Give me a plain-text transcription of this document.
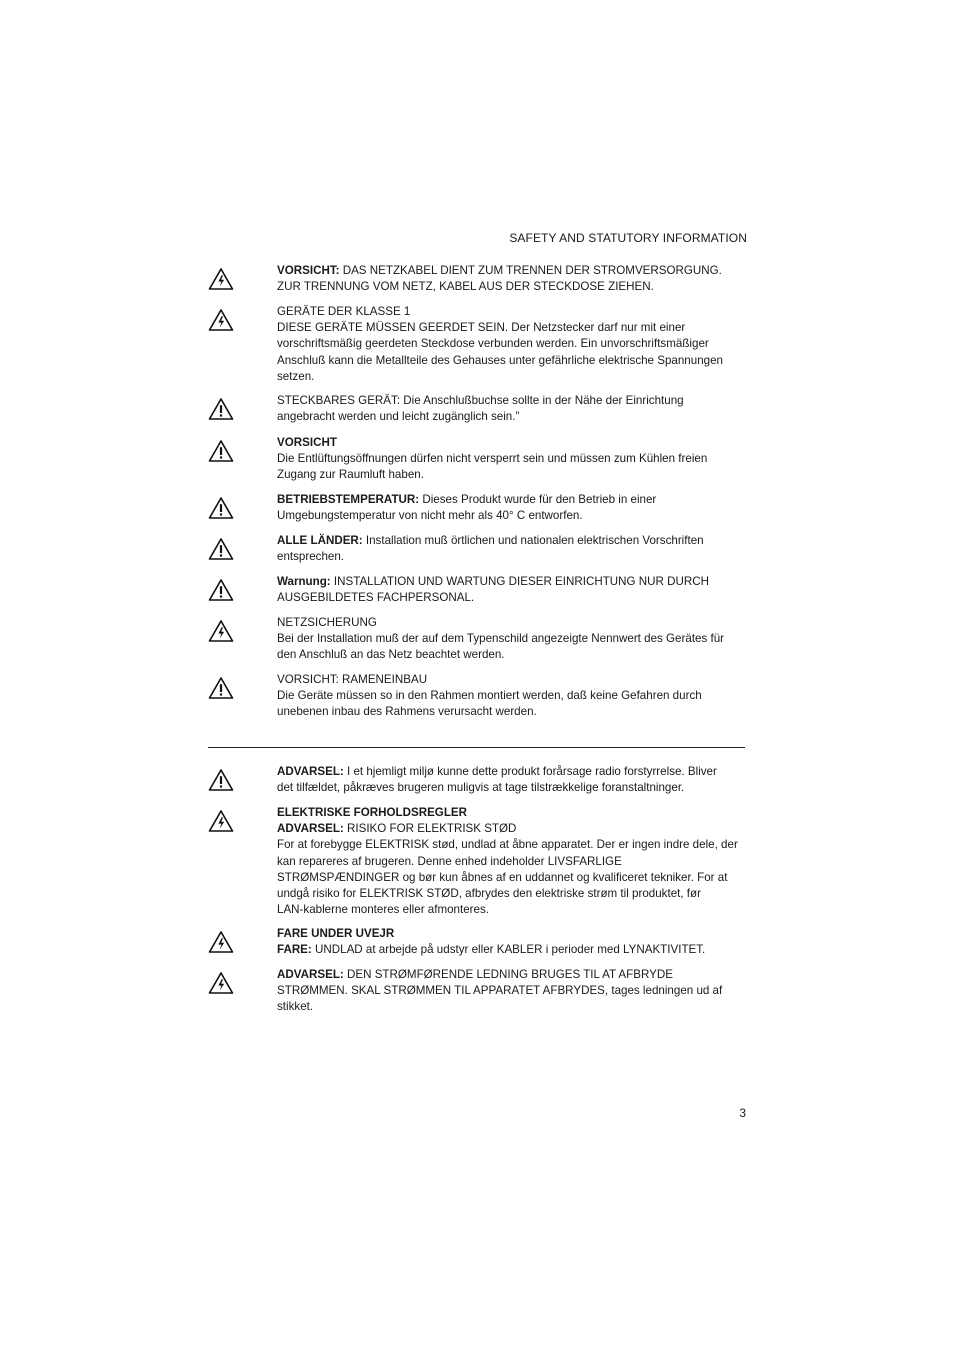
SAFETY AND STATUTORY INFORMATION
VORSICHT: DAS NETZKABEL DIENT ZUM TRENNEN DER STROMVERSORGUNG.
ZUR TRENNUNG VOM NETZ, KABEL AUS DER STECKDOSE ZIEHEN.
GERÄTE DER KLASSE 1
DIESE GERÄTE MÜSSEN GEERDET SEIN. Der Netzstecker darf nur mit einer
vorschriftsmäßig geerdeten Steckdose verbunden werden. Ein unvorschriftsmäßiger
Anschluß kann die Metallteile des Gehauses unter gefährliche elektrische Spannungen
setzen.
STECKBARES GERÄT: Die Anschlußbuchse sollte in der Nähe der Einrichtung
angebracht werden und leicht zugänglich sein.”
VORSICHT
Die Entlüftungsöffnungen dürfen nicht versperrt sein und müssen zum Kühlen freien
Zugang zur Raumluft haben.
BETRIEBSTEMPERATUR: Dieses Produkt wurde für den Betrieb in einer
Umgebungstemperatur von nicht mehr als 40° C entworfen.
ALLE LÄNDER: Installation muß örtlichen und nationalen elektrischen Vorschriften
entsprechen.
Warnung: INSTALLATION UND WARTUNG DIESER EINRICHTUNG NUR DURCH
AUSGEBILDETES FACHPERSONAL.
NETZSICHERUNG
Bei der Installation muß der auf dem Typenschild angezeigte Nennwert des Gerätes für
den Anschluß an das Netz beachtet werden.
VORSICHT: RAMENEINBAU
Die Geräte müssen so in den Rahmen montiert werden, daß keine Gefahren durch
unebenen inbau des Rahmens verursacht werden.
ADVARSEL: I et hjemligt miljø kunne dette produkt forårsage radio forstyrrelse. Bliver
det tilfældet, påkræves brugeren muligvis at tage tilstrækkelige foranstaltninger.
ELEKTRISKE FORHOLDSREGLER
ADVARSEL: RISIKO FOR ELEKTRISK STØD
For at forebygge ELEKTRISK stød, undlad at åbne apparatet. Der er ingen indre dele, der
kan repareres af brugeren. Denne enhed indeholder LIVSFARLIGE
STRØMSPÆNDINGER og bør kun åbnes af en uddannet og kvalificeret tekniker. For at
undgå risiko for ELEKTRISK STØD, afbrydes den elektriske strøm til produktet, før
LAN-kablerne monteres eller afmonteres.
FARE UNDER UVEJR
FARE: UNDLAD at arbejde på udstyr eller KABLER i perioder med LYNAKTIVITET.
ADVARSEL: DEN STRØMFØRENDE LEDNING BRUGES TIL AT AFBRYDE
STRØMMEN. SKAL STRØMMEN TIL APPARATET AFBRYDES, tages ledningen ud af
stikket.
3
